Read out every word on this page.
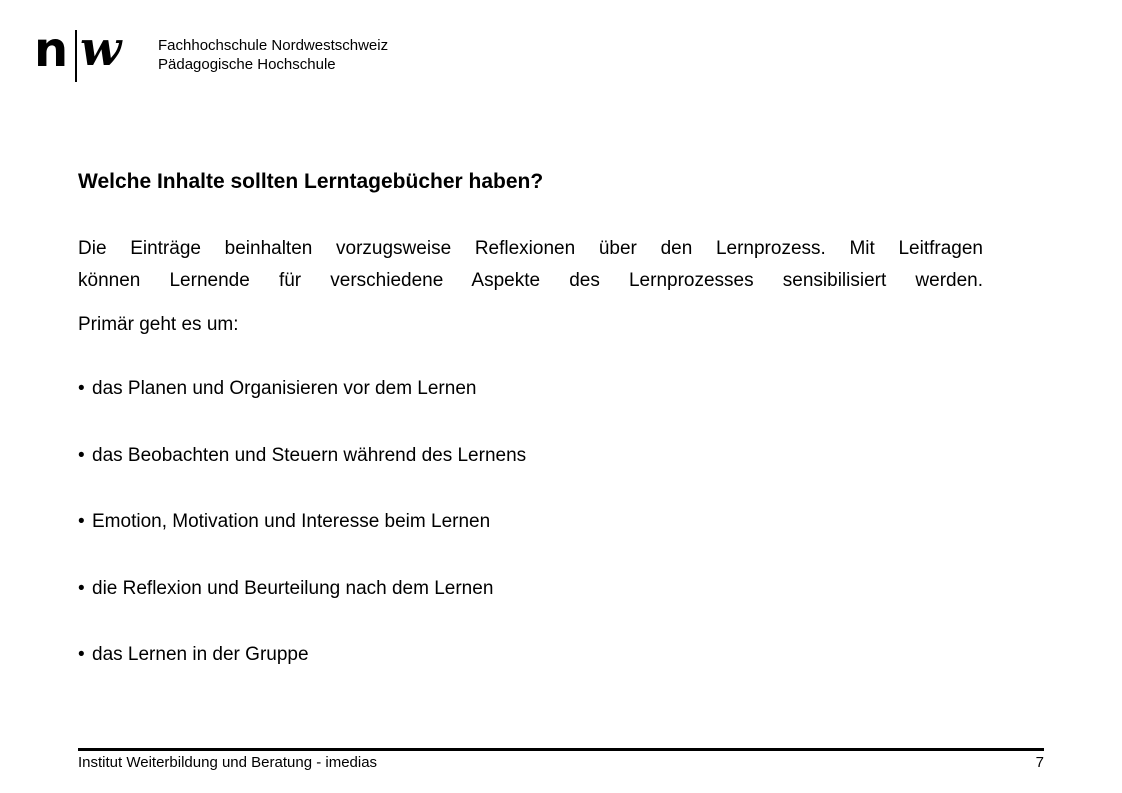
n w	Fachhochschule Nordwestschweiz
Pädagogische Hochschule
Welche Inhalte sollten Lerntagebücher haben?

Die Einträge beinhalten vorzugsweise Reflexionen über den Lernprozess. Mit Leitfragen
können Lernende für verschiedene Aspekte des Lernprozesses sensibilisiert werden.

Primär geht es um:

• das Planen und Organisieren vor dem Lernen
• das Beobachten und Steuern während des Lernens
• Emotion, Motivation und Interesse beim Lernen
• die Reflexion und Beurteilung nach dem Lernen
• das Lernen in der Gruppe
Institut Weiterbildung und Beratung - imedias	7
